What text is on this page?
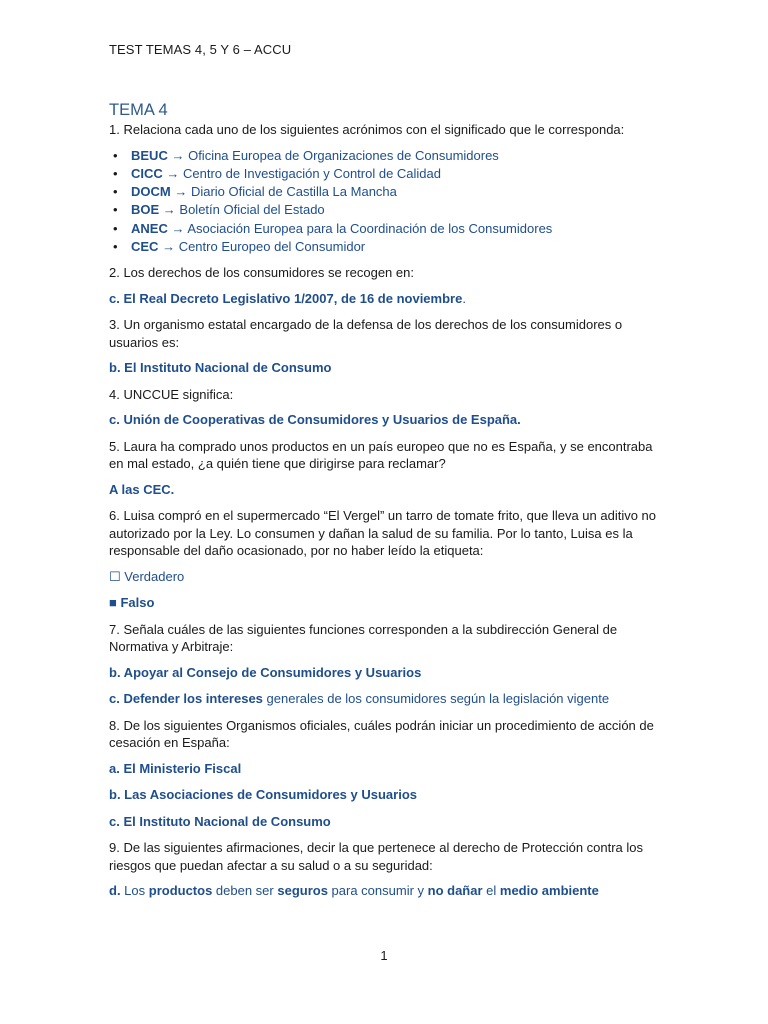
TEST TEMAS 4, 5 Y 6 – ACCU
TEMA 4
1. Relaciona cada uno de los siguientes acrónimos con el significado que le corresponda:
• BEUC → Oficina Europea de Organizaciones de Consumidores
• CICC → Centro de Investigación y Control de Calidad
• DOCM → Diario Oficial de Castilla La Mancha
• BOE → Boletín Oficial del Estado
• ANEC → Asociación Europea para la Coordinación de los Consumidores
• CEC → Centro Europeo del Consumidor
2. Los derechos de los consumidores se recogen en:
c. El Real Decreto Legislativo 1/2007, de 16 de noviembre.
3. Un organismo estatal encargado de la defensa de los derechos de los consumidores o usuarios es:
b. El Instituto Nacional de Consumo
4. UNCCUE significa:
c. Unión de Cooperativas de Consumidores y Usuarios de España.
5. Laura ha comprado unos productos en un país europeo que no es España, y se encontraba en mal estado, ¿a quién tiene que dirigirse para reclamar?
A las CEC.
6. Luisa compró en el supermercado “El Vergel” un tarro de tomate frito, que lleva un aditivo no autorizado por la Ley. Lo consumen y dañan la salud de su familia. Por lo tanto, Luisa es la responsable del daño ocasionado, por no haber leído la etiqueta:
☐ Verdadero
■ Falso
7. Señala cuáles de las siguientes funciones corresponden a la subdirección General de Normativa y Arbitraje:
b. Apoyar al Consejo de Consumidores y Usuarios
c. Defender los intereses generales de los consumidores según la legislación vigente
8. De los siguientes Organismos oficiales, cuáles podrán iniciar un procedimiento de acción de cesación en España:
a. El Ministerio Fiscal
b. Las Asociaciones de Consumidores y Usuarios
c. El Instituto Nacional de Consumo
9. De las siguientes afirmaciones, decir la que pertenece al derecho de Protección contra los riesgos que puedan afectar a su salud o a su seguridad:
d. Los productos deben ser seguros para consumir y no dañar el medio ambiente
1
